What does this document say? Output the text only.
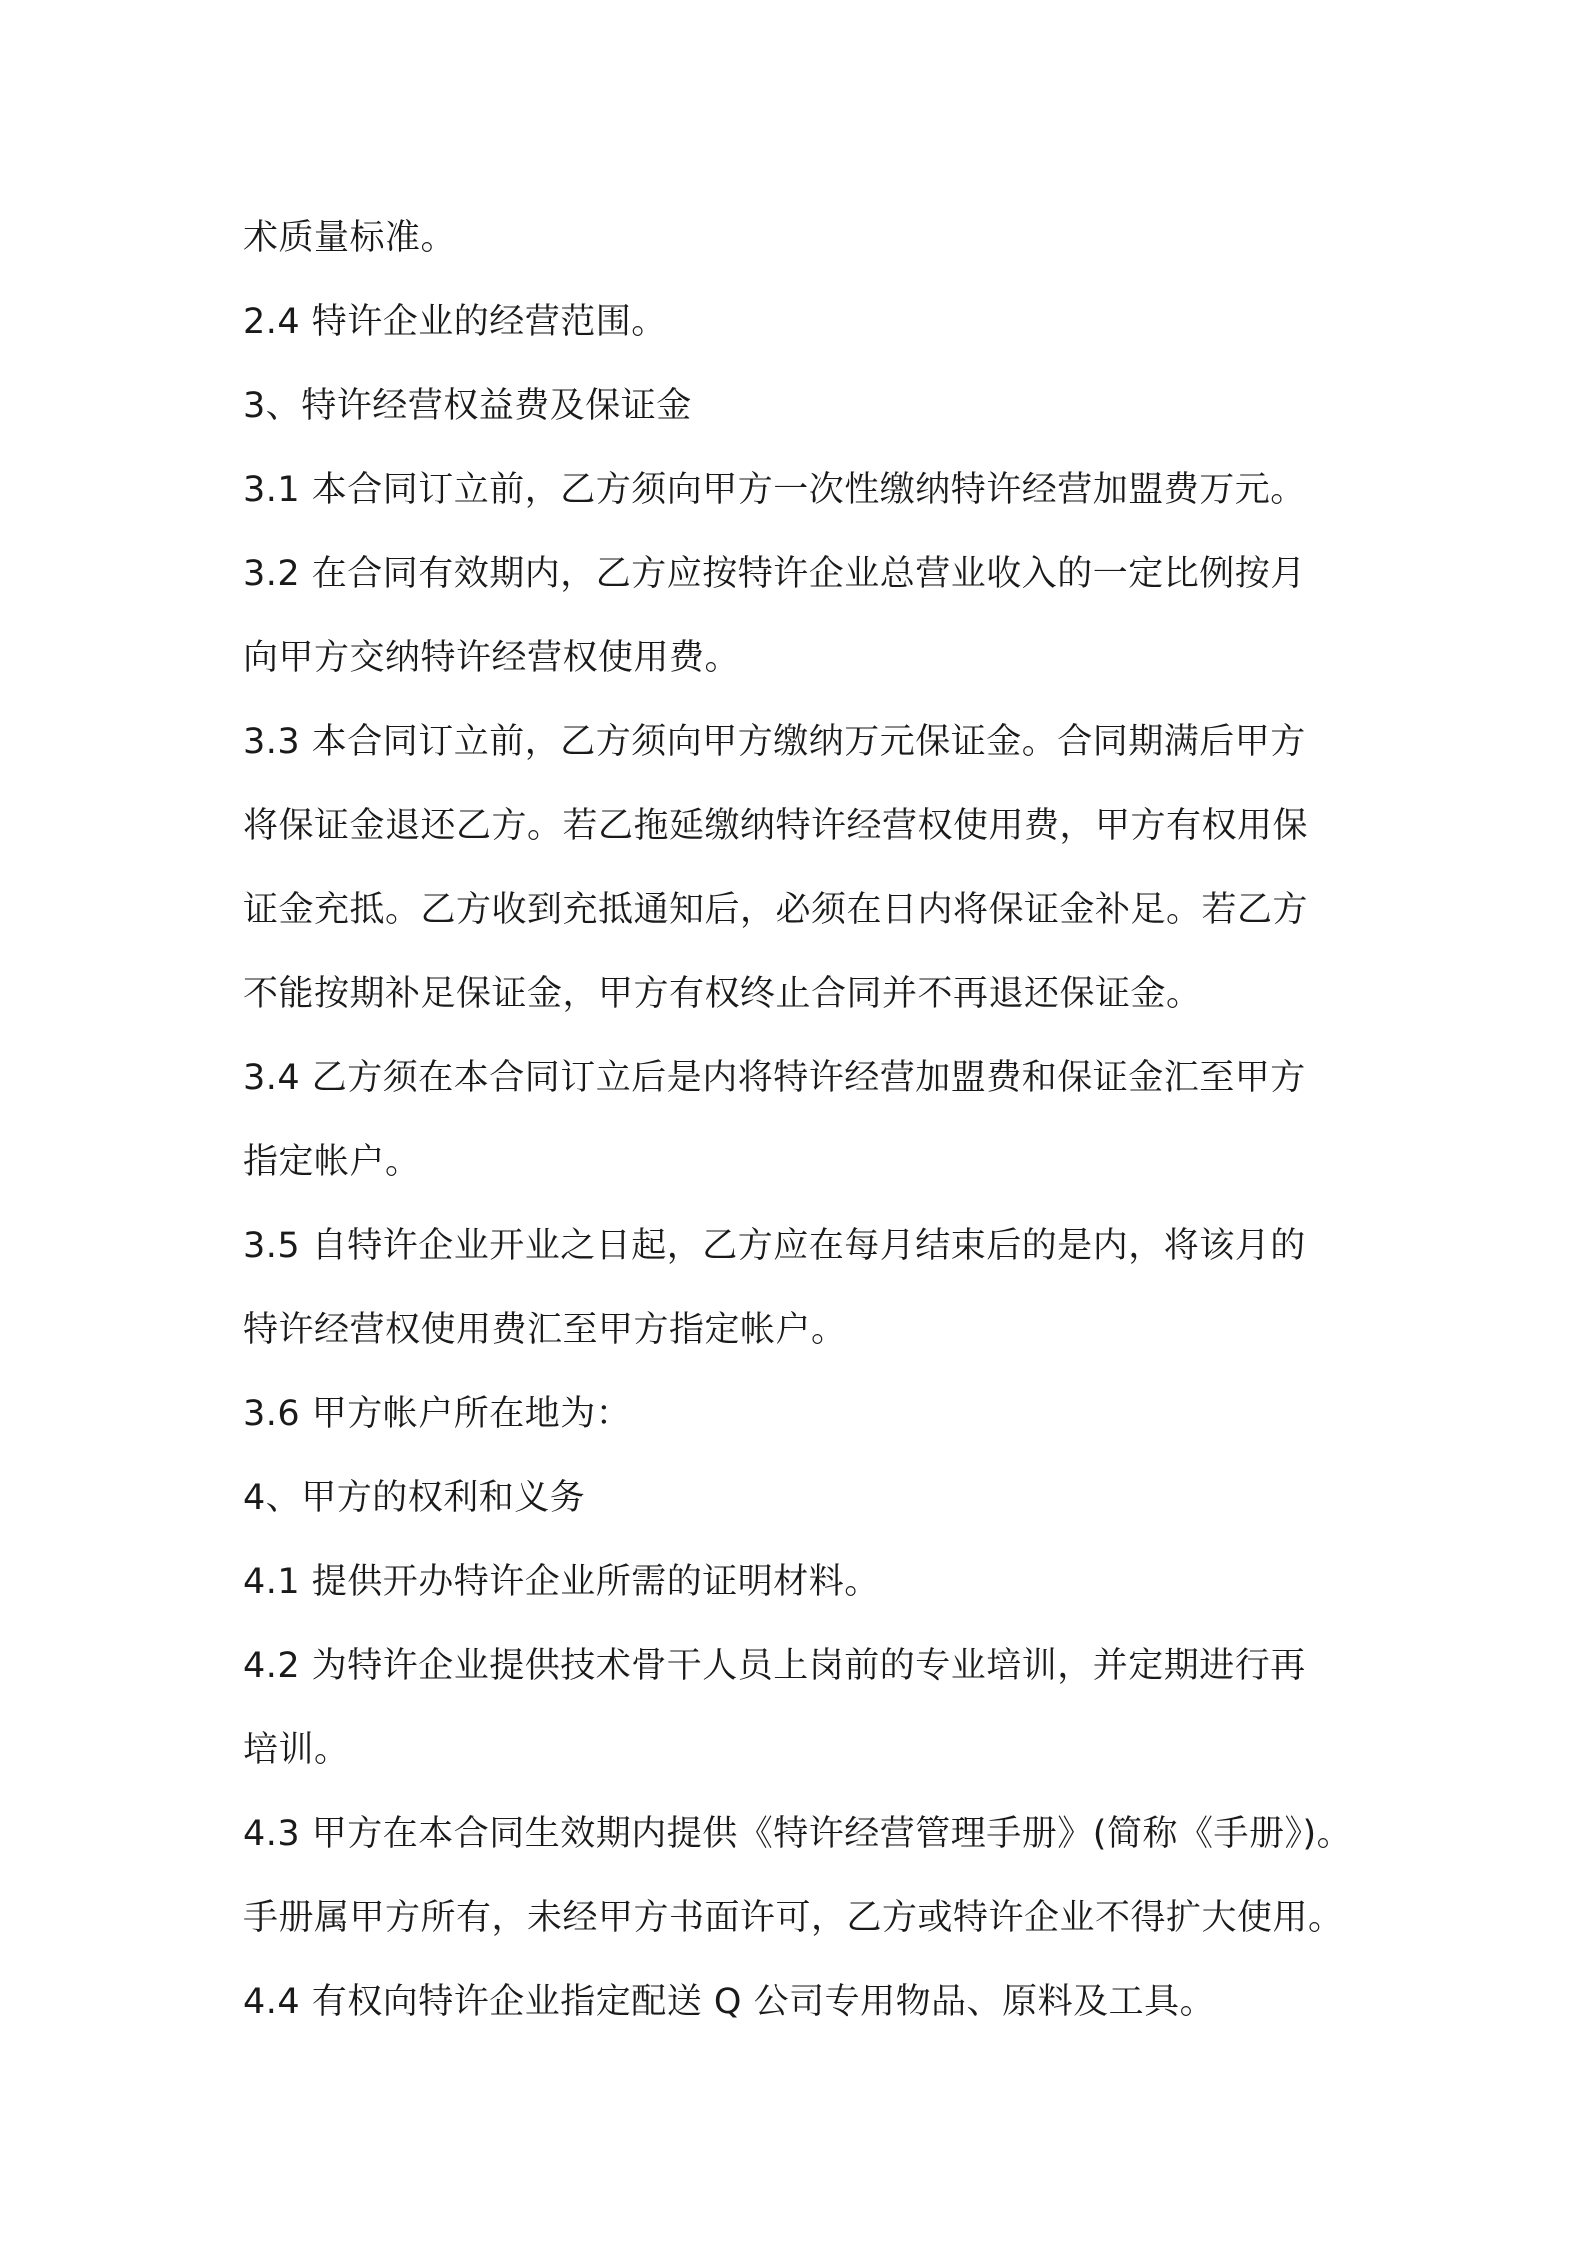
术质量标准。
2.4 特许企业的经营范围。
3、特许经营权益费及保证金
3.1 本合同订立前，乙方须向甲方一次性缴纳特许经营加盟费万元。
3.2 在合同有效期内，乙方应按特许企业总营业收入的一定比例按月
向甲方交纳特许经营权使用费。
3.3 本合同订立前，乙方须向甲方缴纳万元保证金。合同期满后甲方
将保证金退还乙方。若乙拖延缴纳特许经营权使用费，甲方有权用保
证金充抵。乙方收到充抵通知后，必须在日内将保证金补足。若乙方
不能按期补足保证金，甲方有权终止合同并不再退还保证金。
3.4 乙方须在本合同订立后是内将特许经营加盟费和保证金汇至甲方
指定帐户。
3.5 自特许企业开业之日起，乙方应在每月结束后的是内，将该月的
特许经营权使用费汇至甲方指定帐户。
3.6 甲方帐户所在地为：
4、甲方的权利和义务
4.1 提供开办特许企业所需的证明材料。
4.2 为特许企业提供技术骨干人员上岗前的专业培训，并定期进行再
培训。
4.3 甲方在本合同生效期内提供《特许经营管理手册》(简称《手册》)。
手册属甲方所有，未经甲方书面许可，乙方或特许企业不得扩大使用。
4.4 有权向特许企业指定配送 Q 公司专用物品、原料及工具。
